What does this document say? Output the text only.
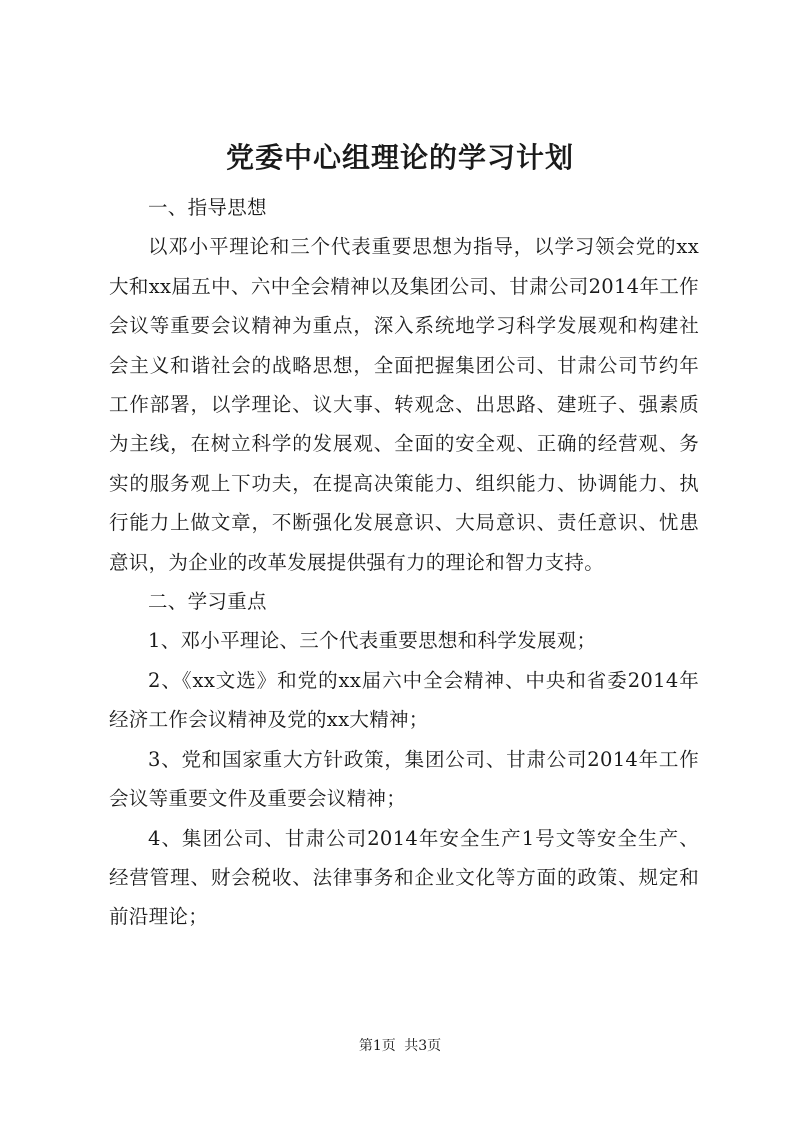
党委中心组理论的学习计划

一、指导思想

以邓小平理论和三个代表重要思想为指导，以学习领会党的xx大和xx届五中、六中全会精神以及集团公司、甘肃公司2014年工作会议等重要会议精神为重点，深入系统地学习科学发展观和构建社会主义和谐社会的战略思想，全面把握集团公司、甘肃公司节约年工作部署，以学理论、议大事、转观念、出思路、建班子、强素质为主线，在树立科学的发展观、全面的安全观、正确的经营观、务实的服务观上下功夫，在提高决策能力、组织能力、协调能力、执行能力上做文章，不断强化发展意识、大局意识、责任意识、忧患意识，为企业的改革发展提供强有力的理论和智力支持。

二、学习重点

1、邓小平理论、三个代表重要思想和科学发展观；

2、《xx文选》和党的xx届六中全会精神、中央和省委2014年经济工作会议精神及党的xx大精神；

3、党和国家重大方针政策，集团公司、甘肃公司2014年工作会议等重要文件及重要会议精神；

4、集团公司、甘肃公司2014年安全生产1号文等安全生产、经营管理、财会税收、法律事务和企业文化等方面的政策、规定和前沿理论；

第1页 共3页
